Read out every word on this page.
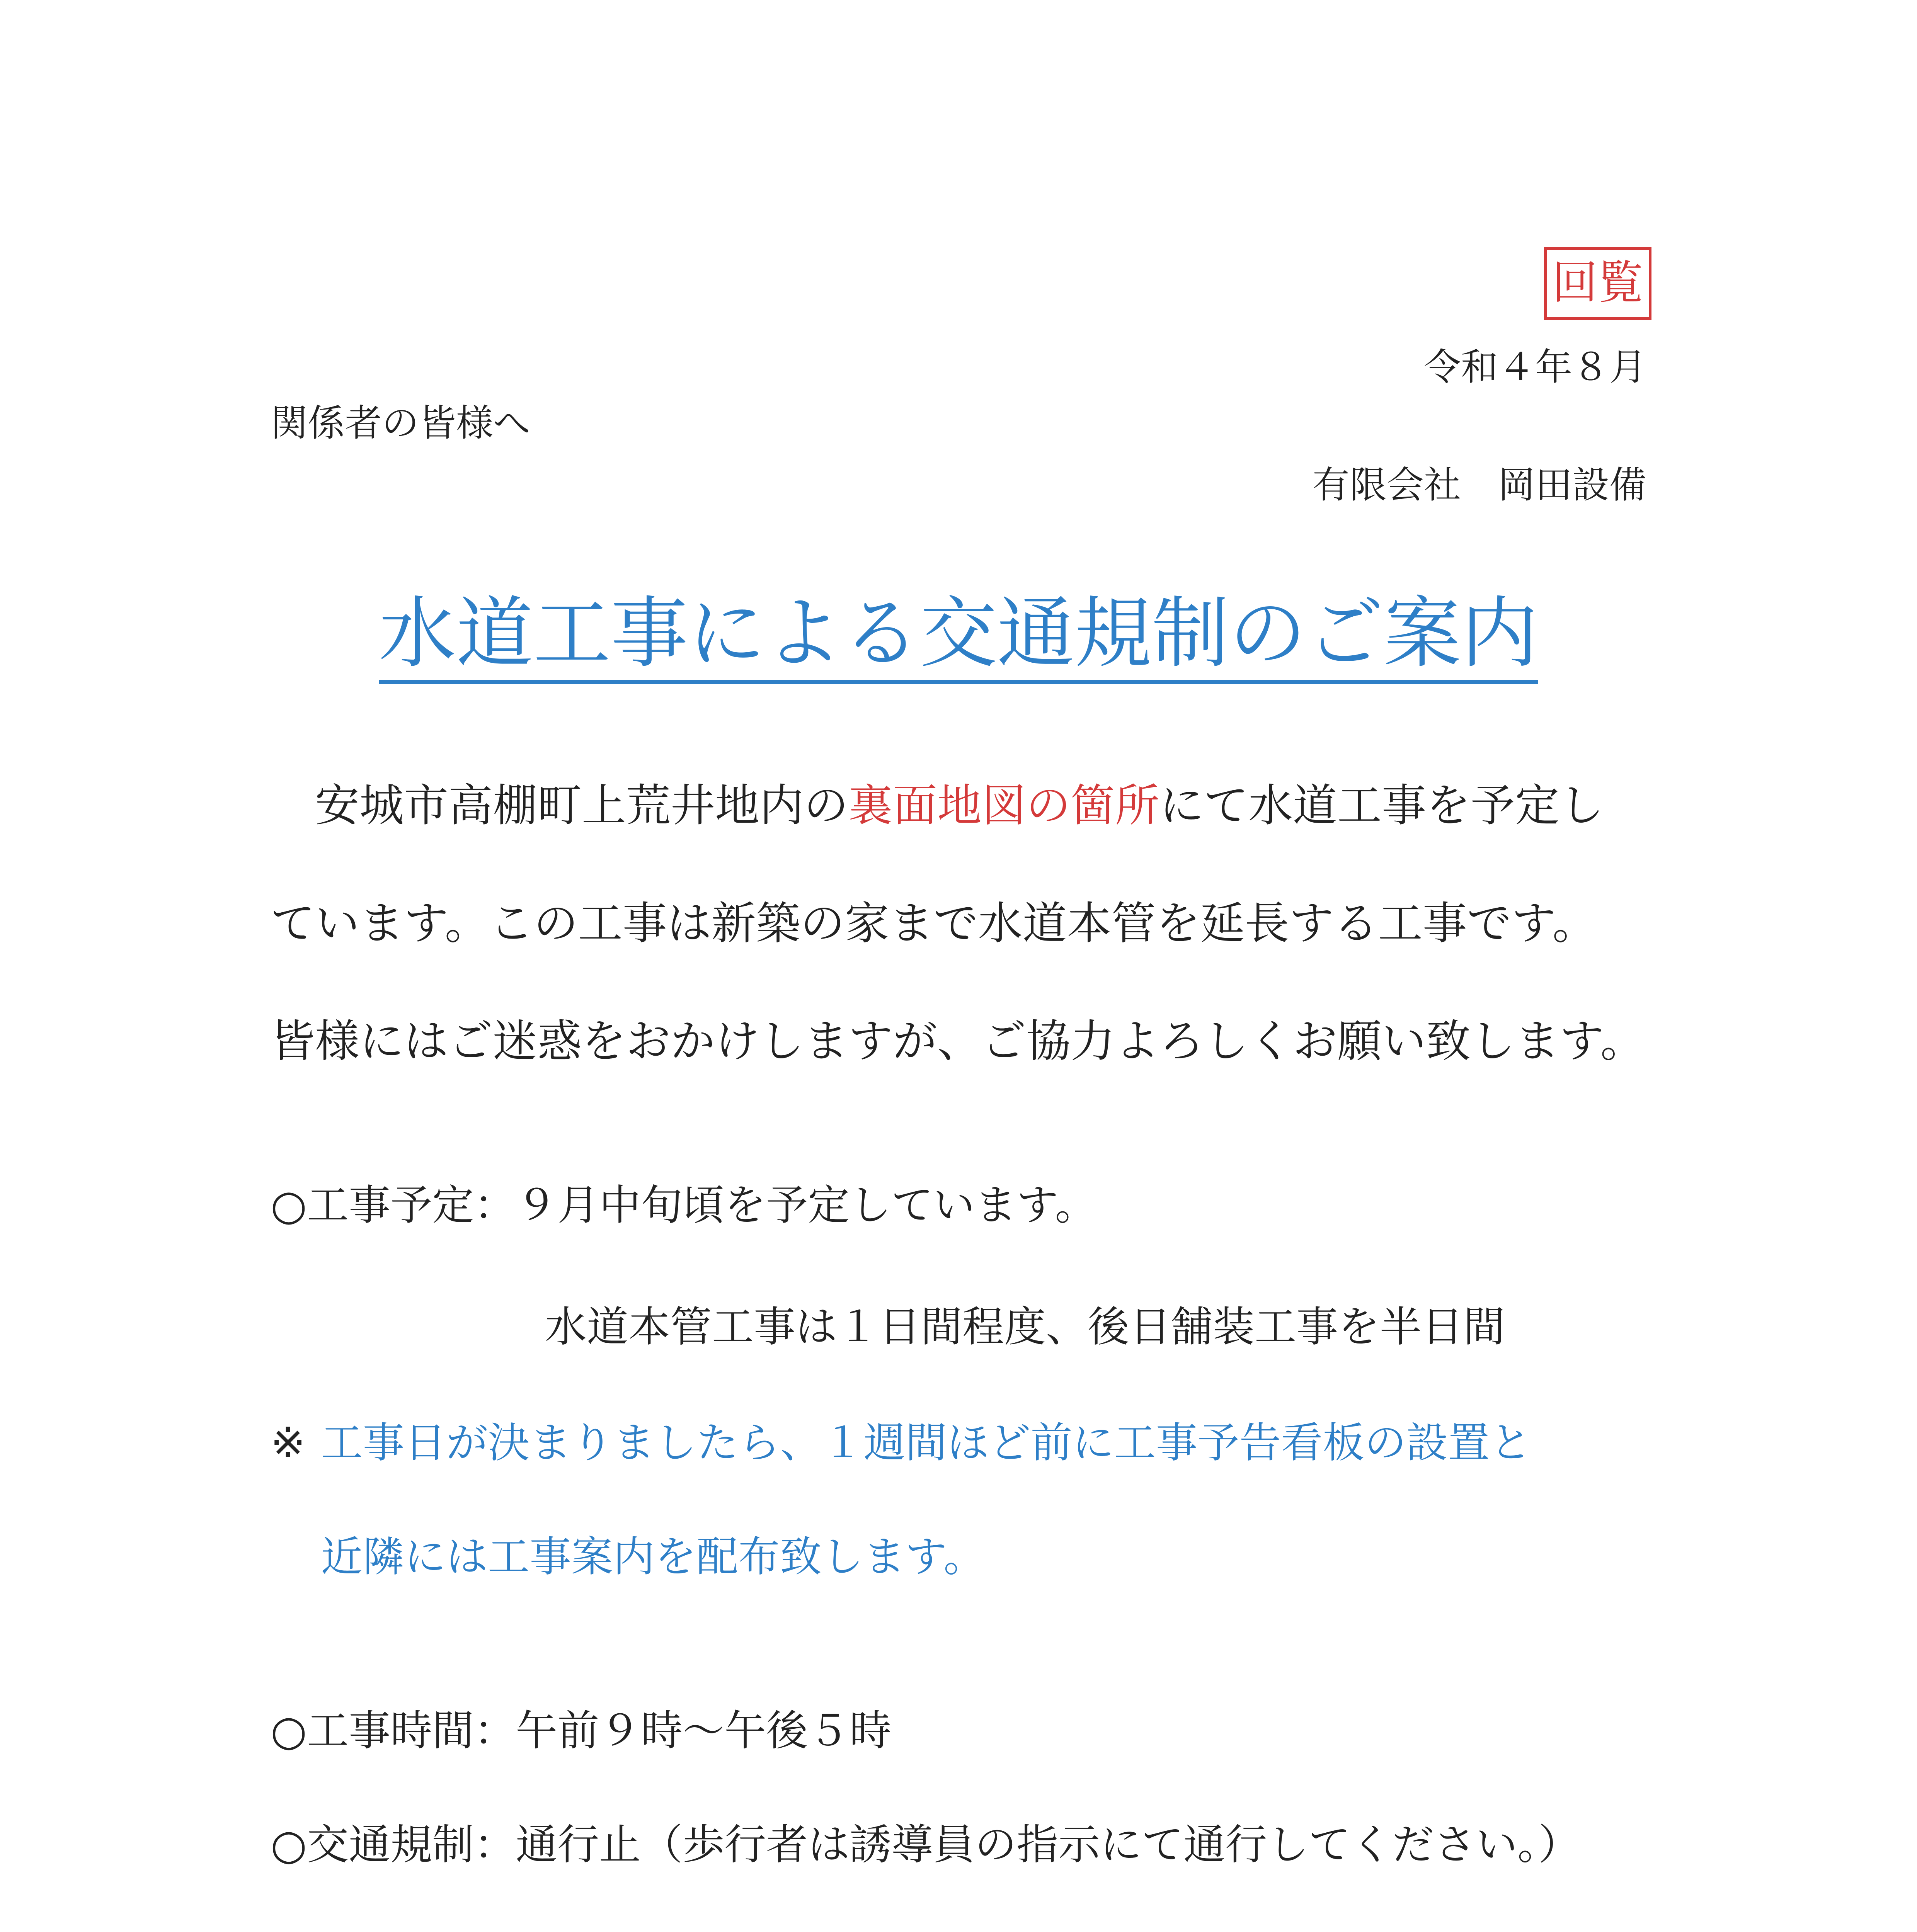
回覧
令和４年８月
関係者の皆様へ
有限会社　岡田設備
水道工事による交通規制のご案内
安城市高棚町上荒井地内の裏面地図の箇所にて水道工事を予定し
ています。この工事は新築の家まで水道本管を延長する工事です。
皆様にはご迷惑をおかけしますが、ご協力よろしくお願い致します。
○工事予定：９月中旬頃を予定しています。
水道本管工事は１日間程度、後日舗装工事を半日間
※ 工事日が決まりましたら、１週間ほど前に工事予告看板の設置と
近隣には工事案内を配布致します。
○工事時間：午前９時～午後５時
○交通規制：通行止（歩行者は誘導員の指示にて通行してください。）
